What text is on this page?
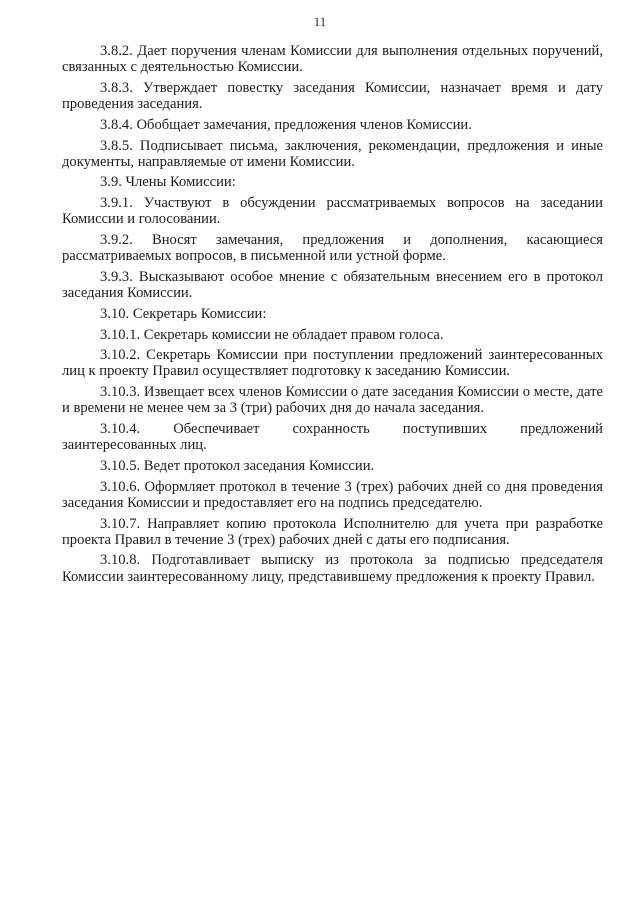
11

3.8.2. Дает поручения членам Комиссии для выполнения отдельных поручений, связанных с деятельностью Комиссии.

3.8.3. Утверждает повестку заседания Комиссии, назначает время и дату проведения заседания.

3.8.4. Обобщает замечания, предложения членов Комиссии.

3.8.5. Подписывает письма, заключения, рекомендации, предложения и иные документы, направляемые от имени Комиссии.

3.9. Члены Комиссии:

3.9.1. Участвуют в обсуждении рассматриваемых вопросов на заседании Комиссии и голосовании.

3.9.2. Вносят замечания, предложения и дополнения, касающиеся рассматриваемых вопросов, в письменной или устной форме.

3.9.3. Высказывают особое мнение с обязательным внесением его в протокол заседания Комиссии.

3.10. Секретарь Комиссии:

3.10.1. Секретарь комиссии не обладает правом голоса.

3.10.2. Секретарь Комиссии при поступлении предложений заинтересованных лиц к проекту Правил осуществляет подготовку к заседанию Комиссии.

3.10.3. Извещает всех членов Комиссии о дате заседания Комиссии о месте, дате и времени не менее чем за 3 (три) рабочих дня до начала заседания.

3.10.4. Обеспечивает сохранность поступивших предложений заинтересованных лиц.

3.10.5. Ведет протокол заседания Комиссии.

3.10.6. Оформляет протокол в течение 3 (трех) рабочих дней со дня проведения заседания Комиссии и предоставляет его на подпись председателю.

3.10.7. Направляет копию протокола Исполнителю для учета при разработке проекта Правил в течение 3 (трех) рабочих дней с даты его подписания.

3.10.8. Подготавливает выписку из протокола за подписью председателя Комиссии заинтересованному лицу, представившему предложения к проекту Правил.
